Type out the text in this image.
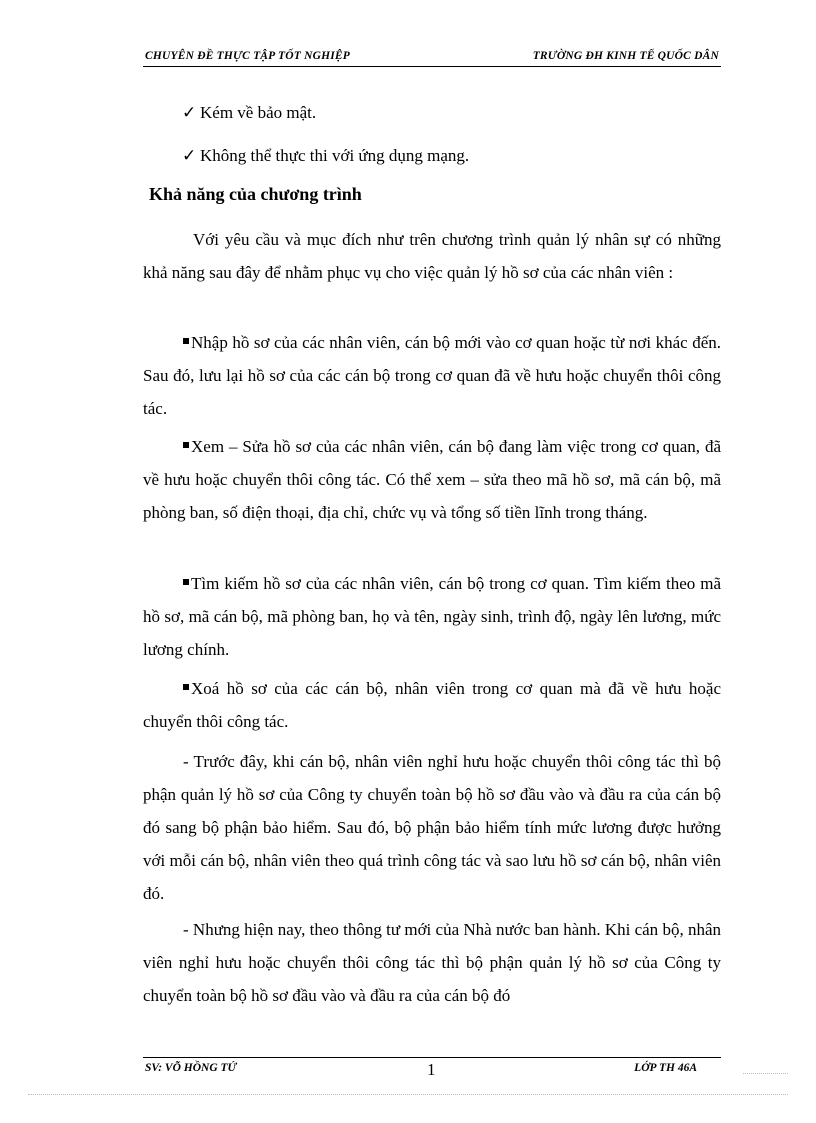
CHUYÊN ĐỀ THỰC TẬP TỐT NGHIỆP	TRƯỜNG ĐH KINH TẾ QUỐC DÂN
✓ Kém về bảo mật.
✓ Không thể thực thi với ứng dụng mạng.
Khả năng của chương trình

Với yêu cầu và mục đích như trên chương trình quản lý nhân sự có những khả năng sau đây để nhằm phục vụ cho việc quản lý hồ sơ của các nhân viên :

Nhập hồ sơ của các nhân viên, cán bộ mới vào cơ quan hoặc từ nơi khác đến. Sau đó, lưu lại hồ sơ của các cán bộ trong cơ quan đã về hưu hoặc chuyển thôi công tác.

Xem – Sửa hồ sơ của các nhân viên, cán bộ đang làm việc trong cơ quan, đã về hưu hoặc chuyển thôi công tác. Có thể xem – sửa theo mã hồ sơ, mã cán bộ, mã phòng ban, số điện thoại, địa chỉ, chức vụ và tổng số tiền lĩnh trong tháng.

Tìm kiếm hồ sơ của các nhân viên, cán bộ trong cơ quan. Tìm kiếm theo mã hồ sơ, mã cán bộ, mã phòng ban, họ và tên, ngày sinh, trình độ, ngày lên lương, mức lương chính.

Xoá hồ sơ của các cán bộ, nhân viên trong cơ quan mà đã về hưu hoặc chuyển thôi công tác.

- Trước đây, khi cán bộ, nhân viên nghỉ hưu hoặc chuyển thôi công tác thì bộ phận quản lý hồ sơ của Công ty chuyển toàn bộ hồ sơ đầu vào và đầu ra của cán bộ đó sang bộ phận bảo hiểm. Sau đó, bộ phận bảo hiểm tính mức lương được hưởng với mỗi cán bộ, nhân viên theo quá trình công tác và sao lưu hồ sơ cán bộ, nhân viên đó.

- Nhưng hiện nay, theo thông tư mới của Nhà nước ban hành. Khi cán bộ, nhân viên nghỉ hưu hoặc chuyển thôi công tác thì bộ phận quản lý hồ sơ của Công ty chuyển toàn bộ hồ sơ đầu vào và đầu ra của cán bộ đó

SV: VÕ HỒNG TỨ	1	LỚP TH 46A
